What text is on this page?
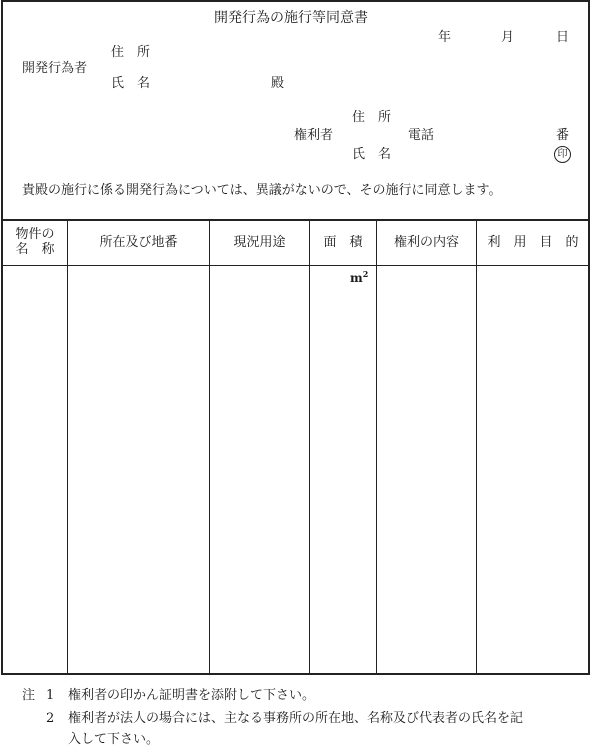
開発行為の施行等同意書
年	月	日
開発行為者
住　所
氏　名	殿
住　所
権利者	電話	番
氏　名	印
貴殿の施行に係る開発行為については、異議がないので、その施行に同意します。
物件の
名　称	所在及び地番	現況用途	面　積	権利の内容	利　用　目　的
$m^2$
注 1 権利者の印かん証明書を添附して下さい。
2 権利者が法人の場合には、主なる事務所の所在地、名称及び代表者の氏名を記
入して下さい。
